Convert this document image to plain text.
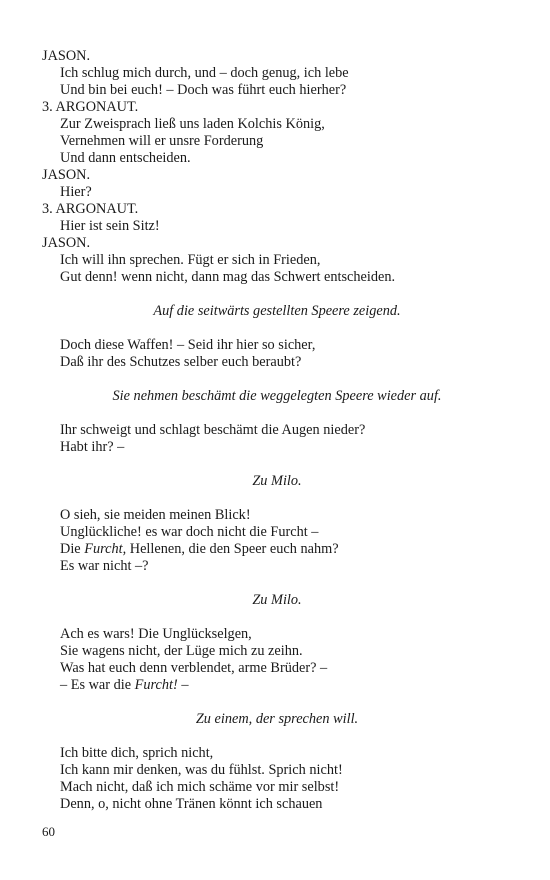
JASON.

Ich schlug mich durch, und – doch genug, ich lebe

Und bin bei euch! – Doch was führt euch hierher?

3. ARGONAUT.

Zur Zweisprach ließ uns laden Kolchis König,

Vernehmen will er unsre Forderung

Und dann entscheiden.

JASON.

Hier?

3. ARGONAUT.

Hier ist sein Sitz!

JASON.

Ich will ihn sprechen. Fügt er sich in Frieden,

Gut denn! wenn nicht, dann mag das Schwert entscheiden.

Auf die seitwärts gestellten Speere zeigend.

Doch diese Waffen! – Seid ihr hier so sicher,

Daß ihr des Schutzes selber euch beraubt?

Sie nehmen beschämt die weggelegten Speere wieder auf.

Ihr schweigt und schlagt beschämt die Augen nieder?

Habt ihr? –

Zu Milo.

O sieh, sie meiden meinen Blick!

Unglückliche! es war doch nicht die Furcht –

Die Furcht, Hellenen, die den Speer euch nahm?

Es war nicht –?

Zu Milo.

Ach es wars! Die Unglückselgen,

Sie wagens nicht, der Lüge mich zu zeihn.

Was hat euch denn verblendet, arme Brüder? –

– Es war die Furcht! –

Zu einem, der sprechen will.

Ich bitte dich, sprich nicht,

Ich kann mir denken, was du fühlst. Sprich nicht!

Mach nicht, daß ich mich schäme vor mir selbst!

Denn, o, nicht ohne Tränen könnt ich schauen

60
